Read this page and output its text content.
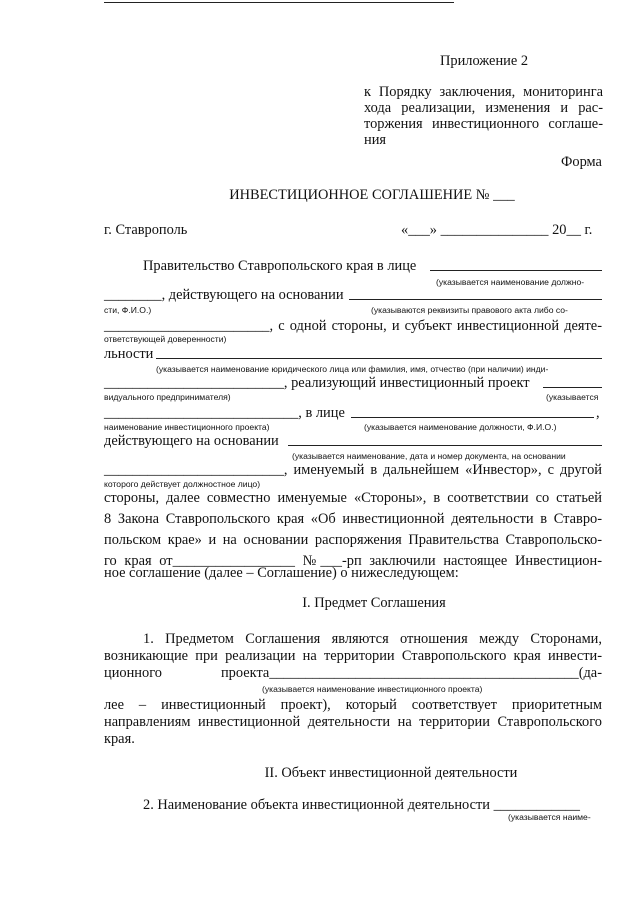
Приложение 2
к Порядку заключения, мониторинга
хода реализации, изменения и рас-
торжения инвестиционного соглаше-
ния
Форма
ИНВЕСТИЦИОННОЕ СОГЛАШЕНИЕ № ___
г. Ставрополь	«___» _______________ 20__ г.
Правительство Ставропольского края в лице
(указывается наименование должно-
________, действующего на основании
сти, Ф.И.О.)	(указываются реквизиты правового акта либо со-
_______________________, с одной стороны, и субъект инвестиционной деяте-
ответствующей доверенности)
льности
(указывается наименование юридического лица или фамилия, имя, отчество (при наличии) инди-
_________________________, реализующий инвестиционный проект
видуального предпринимателя)	(указывается
___________________________, в лице	,
наименование инвестиционного проекта)	(указывается наименование должности, Ф.И.О.)
действующего на основании
(указывается наименование, дата и номер документа, на основании
_________________________, именуемый в дальнейшем «Инвестор», с другой
которого действует должностное лицо)
стороны, далее совместно именуемые «Стороны», в соответствии со статьей
8 Закона Ставропольского края «Об инвестиционной деятельности в Ставро-
польском крае» и на основании распоряжения Правительства Ставропольско-
го края от_________________ №___-рп заключили настоящее Инвестицион-
ное соглашение (далее – Соглашение) о нижеследующем:
I. Предмет Соглашения
1. Предметом Соглашения являются отношения между Сторонами,
возникающие при реализации на территории Ставропольского края инвести-
ционного проекта___________________________________________(да-
(указывается наименование инвестиционного проекта)
лее – инвестиционный проект), который соответствует приоритетным
направлениям инвестиционной деятельности на территории Ставропольского
края.
II. Объект инвестиционной деятельности
2. Наименование объекта инвестиционной деятельности ____________
(указывается наиме-
